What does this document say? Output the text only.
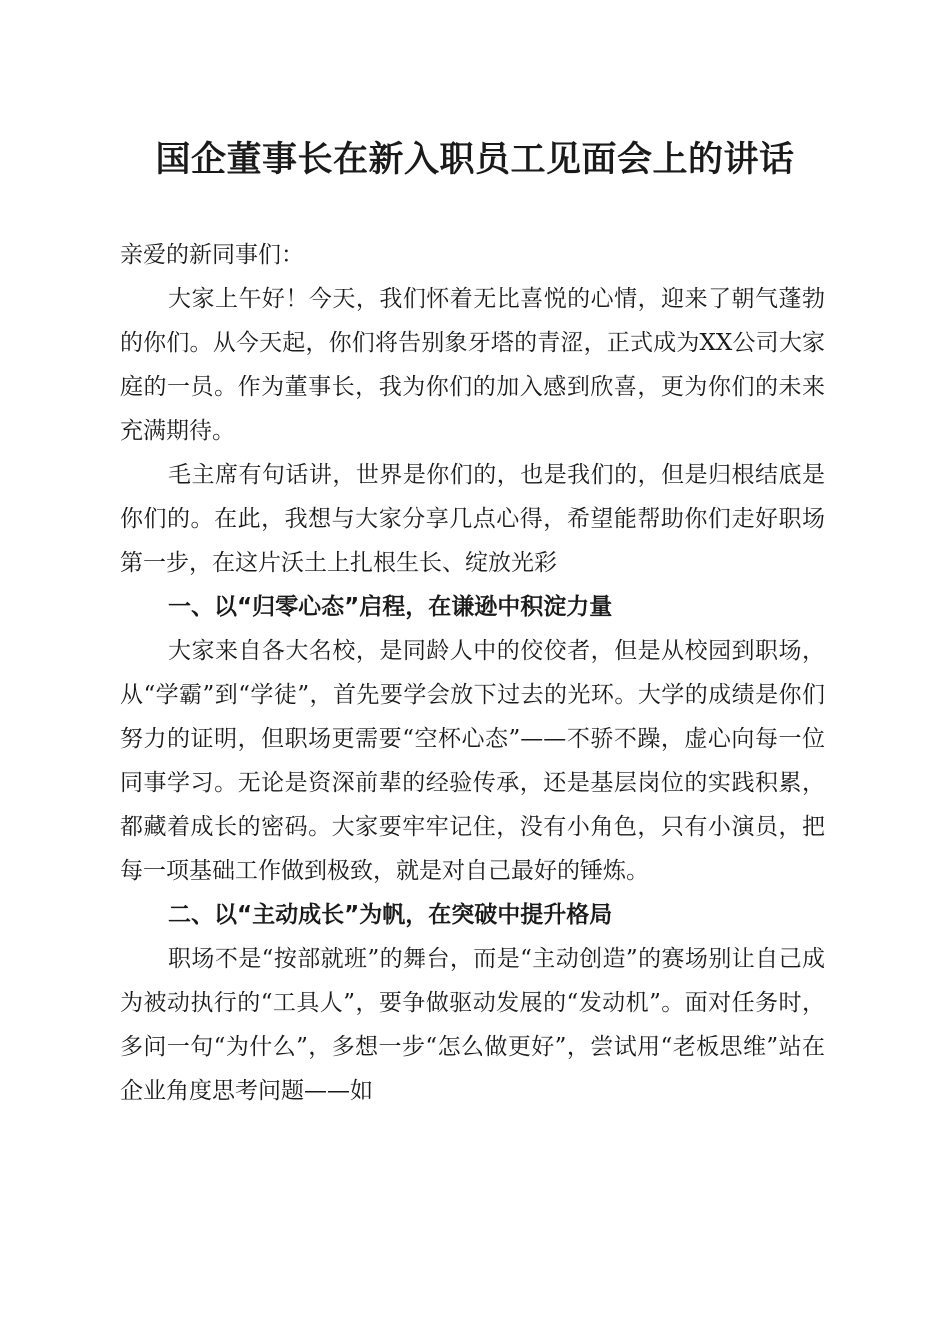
国企董事长在新入职员工见面会上的讲话

亲爱的新同事们：

大家上午好！今天，我们怀着无比喜悦的心情，迎来了朝气蓬勃的你们。从今天起，你们将告别象牙塔的青涩，正式成为XX公司大家庭的一员。作为董事长，我为你们的加入感到欣喜，更为你们的未来充满期待。

毛主席有句话讲，世界是你们的，也是我们的，但是归根结底是你们的。在此，我想与大家分享几点心得，希望能帮助你们走好职场第一步，在这片沃土上扎根生长、绽放光彩

一、以“归零心态”启程，在谦逊中积淀力量

大家来自各大名校，是同龄人中的佼佼者，但是从校园到职场，从“学霸”到“学徒”，首先要学会放下过去的光环。大学的成绩是你们努力的证明，但职场更需要“空杯心态”——不骄不躁，虚心向每一位同事学习。无论是资深前辈的经验传承，还是基层岗位的实践积累，都藏着成长的密码。大家要牢牢记住，没有小角色，只有小演员，把每一项基础工作做到极致，就是对自己最好的锤炼。

二、以“主动成长”为帆，在突破中提升格局

职场不是“按部就班”的舞台，而是“主动创造”的赛场别让自己成为被动执行的“工具人”，要争做驱动发展的“发动机”。面对任务时，多问一句“为什么”，多想一步“怎么做更好”，尝试用“老板思维”站在企业角度思考问题——如
